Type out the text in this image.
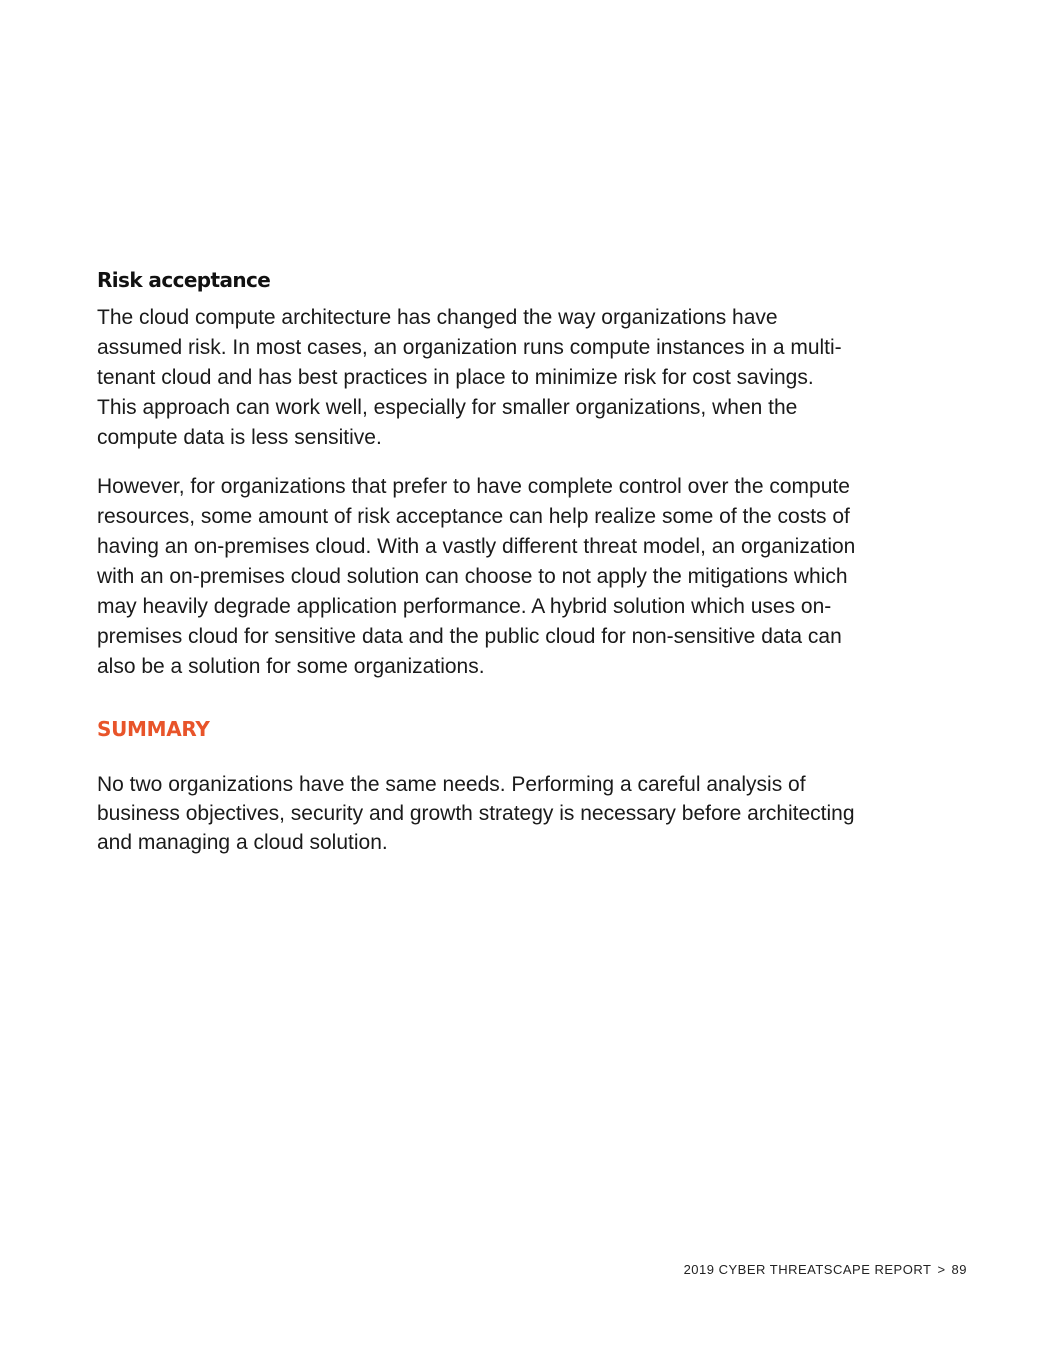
Risk acceptance

The cloud compute architecture has changed the way organizations have assumed risk. In most cases, an organization runs compute instances in a multi-tenant cloud and has best practices in place to minimize risk for cost savings. This approach can work well, especially for smaller organizations, when the compute data is less sensitive.

However, for organizations that prefer to have complete control over the compute resources, some amount of risk acceptance can help realize some of the costs of having an on-premises cloud. With a vastly different threat model, an organization with an on-premises cloud solution can choose to not apply the mitigations which may heavily degrade application performance. A hybrid solution which uses on-premises cloud for sensitive data and the public cloud for non-sensitive data can also be a solution for some organizations.

SUMMARY

No two organizations have the same needs. Performing a careful analysis of business objectives, security and growth strategy is necessary before architecting and managing a cloud solution.

2019 CYBER THREATSCAPE REPORT > 89
